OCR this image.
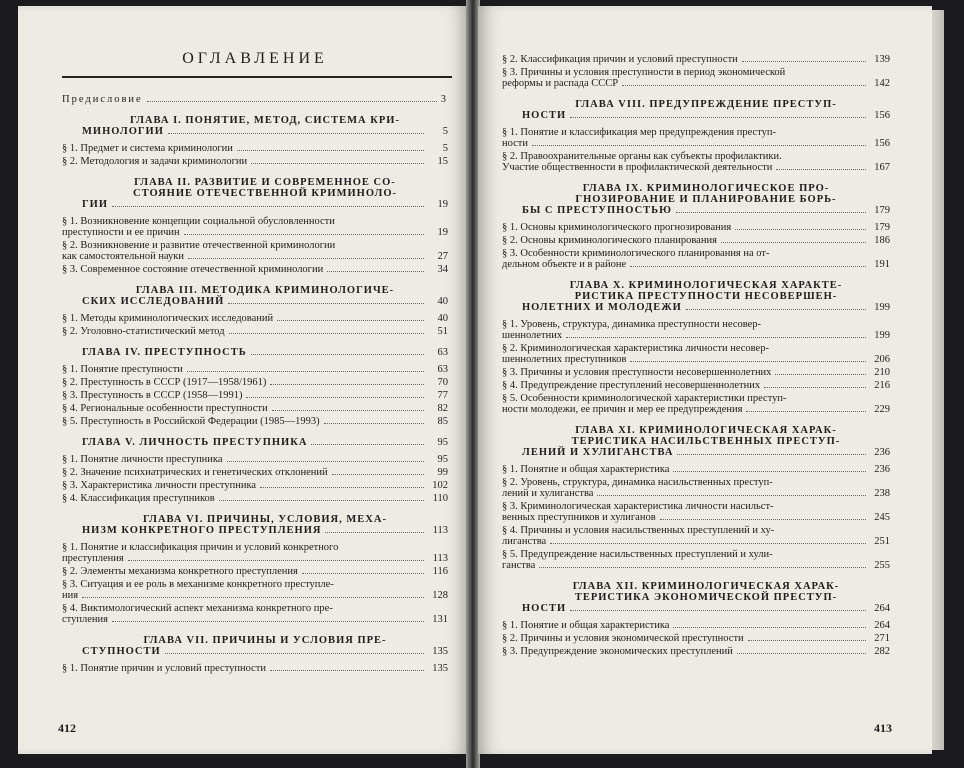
ОГЛАВЛЕНИЕ
Предисловие	3
ГЛАВА I. ПОНЯТИЕ, МЕТОД, СИСТЕМА КРИ-
МИНОЛОГИИ	5
§ 1. Предмет и система криминологии	5
§ 2. Методология и задачи криминологии	15
ГЛАВА II. РАЗВИТИЕ И СОВРЕМЕННОЕ СО-
СТОЯНИЕ ОТЕЧЕСТВЕННОЙ КРИМИНОЛО-
ГИИ	19
§ 1. Возникновение концепции социальной обусловленности
преступности и ее причин	19
§ 2. Возникновение и развитие отечественной криминологии
как самостоятельной науки	27
§ 3. Современное состояние отечественной криминологии	34
ГЛАВА III. МЕТОДИКА КРИМИНОЛОГИЧЕ-
СКИХ ИССЛЕДОВАНИЙ	40
§ 1. Методы криминологических исследований	40
§ 2. Уголовно-статистический метод	51
ГЛАВА IV. ПРЕСТУПНОСТЬ	63
§ 1. Понятие преступности	63
§ 2. Преступность в СССР (1917—1958/1961)	70
§ 3. Преступность в СССР (1958—1991)	77
§ 4. Региональные особенности преступности	82
§ 5. Преступность в Российской Федерации (1985—1993)	85
ГЛАВА V. ЛИЧНОСТЬ ПРЕСТУПНИКА	95
§ 1. Понятие личности преступника	95
§ 2. Значение психиатрических и генетических отклонений	99
§ 3. Характеристика личности преступника	102
§ 4. Классификация преступников	110
ГЛАВА VI. ПРИЧИНЫ, УСЛОВИЯ, МЕХА-
НИЗМ КОНКРЕТНОГО ПРЕСТУПЛЕНИЯ	113
§ 1. Понятие и классификация причин и условий конкретного
преступления	113
§ 2. Элементы механизма конкретного преступления	116
§ 3. Ситуация и ее роль в механизме конкретного преступле-
ния	128
§ 4. Виктимологический аспект механизма конкретного пре-
ступления	131
ГЛАВА VII. ПРИЧИНЫ И УСЛОВИЯ ПРЕ-
СТУПНОСТИ	135
§ 1. Понятие причин и условий преступности	135
412
§ 2. Классификация причин и условий преступности	139
§ 3. Причины и условия преступности в период экономической
реформы и распада СССР	142
ГЛАВА VIII. ПРЕДУПРЕЖДЕНИЕ ПРЕСТУП-
НОСТИ	156
§ 1. Понятие и классификация мер предупреждения преступ-
ности	156
§ 2. Правоохранительные органы как субъекты профилактики.
Участие общественности в профилактической деятельности	167
ГЛАВА IX. КРИМИНОЛОГИЧЕСКОЕ ПРО-
ГНОЗИРОВАНИЕ И ПЛАНИРОВАНИЕ БОРЬ-
БЫ С ПРЕСТУПНОСТЬЮ	179
§ 1. Основы криминологического прогнозирования	179
§ 2. Основы криминологического планирования	186
§ 3. Особенности криминологического планирования на от-
дельном объекте и в районе	191
ГЛАВА X. КРИМИНОЛОГИЧЕСКАЯ ХАРАКТЕ-
РИСТИКА ПРЕСТУПНОСТИ НЕСОВЕРШЕН-
НОЛЕТНИХ И МОЛОДЕЖИ	199
§ 1. Уровень, структура, динамика преступности несовер-
шеннолетних	199
§ 2. Криминологическая характеристика личности несовер-
шеннолетних преступников	206
§ 3. Причины и условия преступности несовершеннолетних	210
§ 4. Предупреждение преступлений несовершеннолетних	216
§ 5. Особенности криминологической характеристики преступ-
ности молодежи, ее причин и мер ее предупреждения	229
ГЛАВА XI. КРИМИНОЛОГИЧЕСКАЯ ХАРАК-
ТЕРИСТИКА НАСИЛЬСТВЕННЫХ ПРЕСТУП-
ЛЕНИЙ И ХУЛИГАНСТВА	236
§ 1. Понятие и общая характеристика	236
§ 2. Уровень, структура, динамика насильственных преступ-
лений и хулиганства	238
§ 3. Криминологическая характеристика личности насильст-
венных преступников и хулиганов	245
§ 4. Причины и условия насильственных преступлений и ху-
лиганства	251
§ 5. Предупреждение насильственных преступлений и хули-
ганства	255
ГЛАВА XII. КРИМИНОЛОГИЧЕСКАЯ ХАРАК-
ТЕРИСТИКА ЭКОНОМИЧЕСКОЙ ПРЕСТУП-
НОСТИ	264
§ 1. Понятие и общая характеристика	264
§ 2. Причины и условия экономической преступности	271
§ 3. Предупреждение экономических преступлений	282
413
